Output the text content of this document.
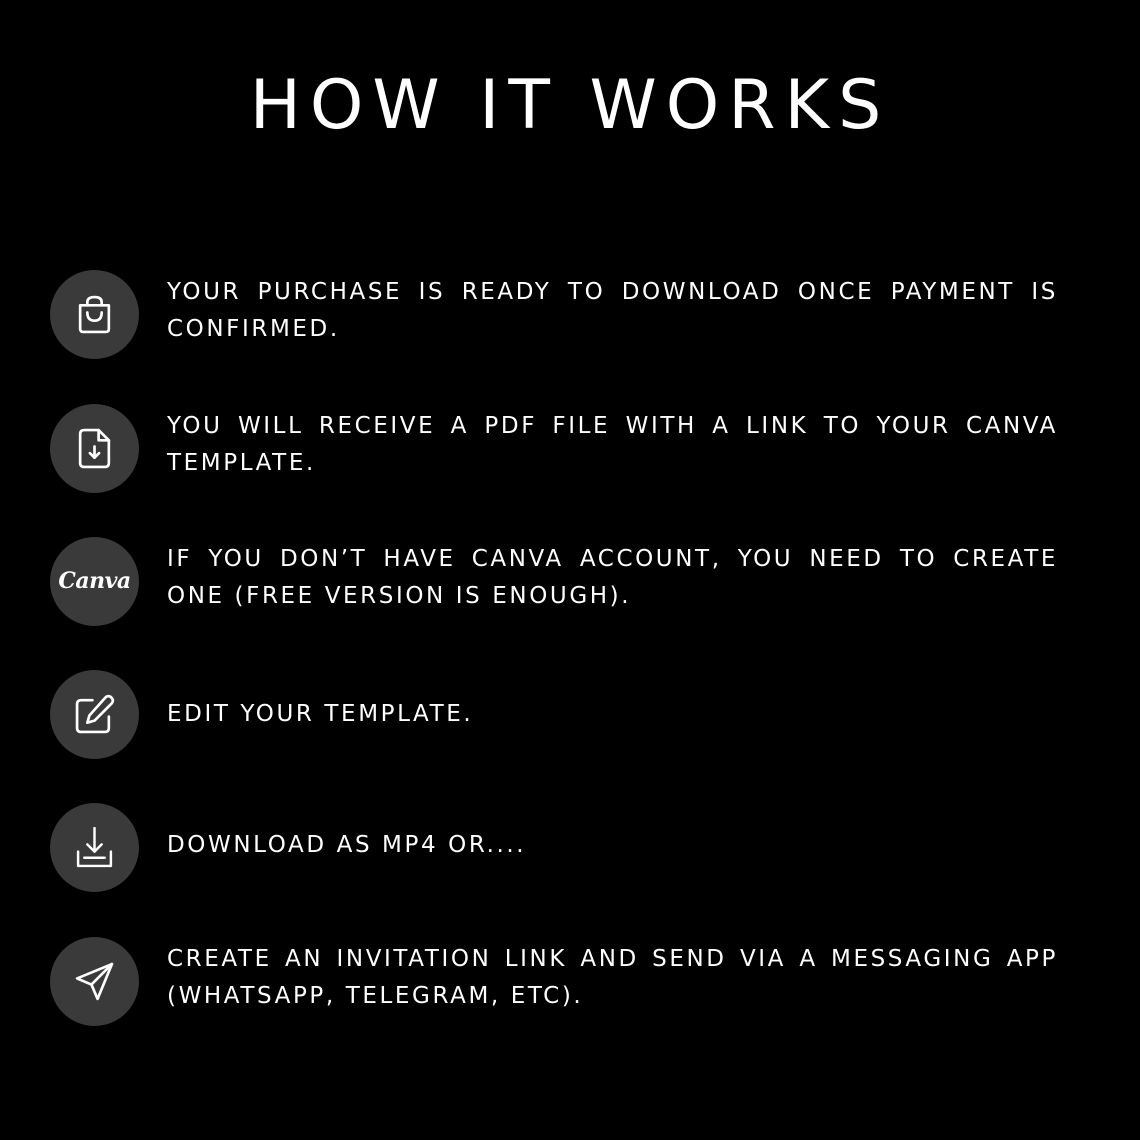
HOW IT WORKS
YOUR PURCHASE IS READY TO DOWNLOAD ONCE PAYMENT IS CONFIRMED.
YOU WILL RECEIVE A PDF FILE WITH A LINK TO YOUR CANVA TEMPLATE.
Canva
IF YOU DON’T HAVE CANVA ACCOUNT, YOU NEED TO CREATE ONE (FREE VERSION IS ENOUGH).
EDIT YOUR TEMPLATE.
DOWNLOAD AS MP4 OR....
CREATE AN INVITATION LINK AND SEND VIA A MESSAGING APP (WHATSAPP, TELEGRAM, ETC).
